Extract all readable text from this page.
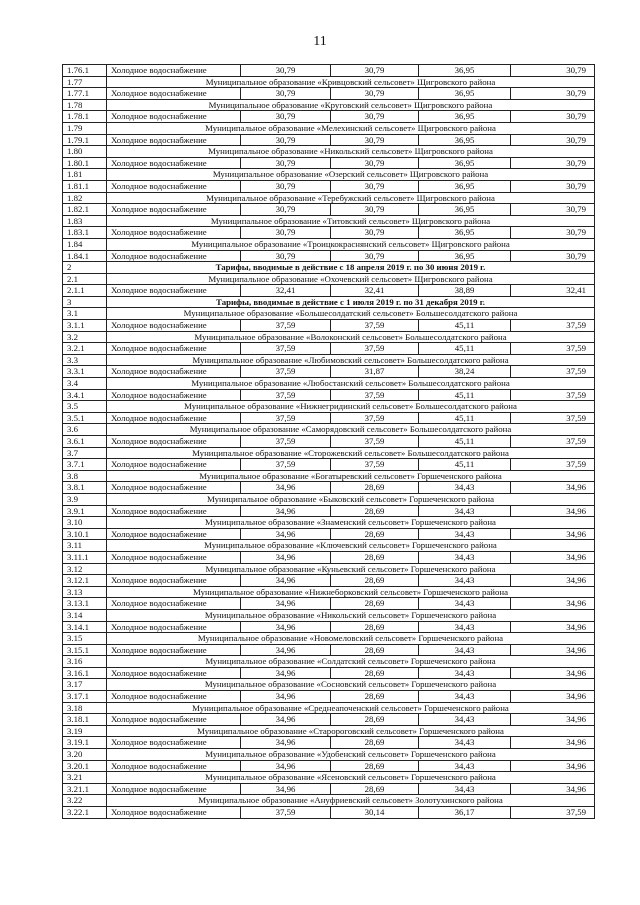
11
1.76.1	Холодное водоснабжение	30,79	30,79	36,95	30,79
1.77	Муниципальное образование «Кривцовский сельсовет» Щигровского района				
1.77.1	Холодное водоснабжение	30,79	30,79	36,95	30,79
1.78	Муниципальное образование «Круговский сельсовет» Щигровского района				
1.78.1	Холодное водоснабжение	30,79	30,79	36,95	30,79
1.79	Муниципальное образование «Мелехинский сельсовет» Щигровского района				
1.79.1	Холодное водоснабжение	30,79	30,79	36,95	30,79
1.80	Муниципальное образование «Никольский сельсовет» Щигровского района				
1.80.1	Холодное водоснабжение	30,79	30,79	36,95	30,79
1.81	Муниципальное образование «Озерский сельсовет» Щигровского района				
1.81.1	Холодное водоснабжение	30,79	30,79	36,95	30,79
1.82	Муниципальное образование «Теребужский сельсовет» Щигровского района				
1.82.1	Холодное водоснабжение	30,79	30,79	36,95	30,79
1.83	Муниципальное образование «Титовский сельсовет» Щигровского района				
1.83.1	Холодное водоснабжение	30,79	30,79	36,95	30,79
1.84	Муниципальное образование «Троицкокраснянский сельсовет» Щигровского района				
1.84.1	Холодное водоснабжение	30,79	30,79	36,95	30,79
2	Тарифы, вводимые в действие с 18 апреля 2019 г. по 30 июня 2019 г.				
2.1	Муниципальное образование «Охочевский сельсовет» Щигровского района				
2.1.1	Холодное водоснабжение	32,41	32,41	38,89	32,41
3	Тарифы, вводимые в действие с 1 июля 2019 г. по 31 декабря 2019 г.				
3.1	Муниципальное образование «Большесолдатский сельсовет» Большесолдатского района				
3.1.1	Холодное водоснабжение	37,59	37,59	45,11	37,59
3.2	Муниципальное образование «Волоконский сельсовет» Большесолдатского района				
3.2.1	Холодное водоснабжение	37,59	37,59	45,11	37,59
3.3	Муниципальное образование «Любимовский сельсовет» Большесолдатского района				
3.3.1	Холодное водоснабжение	37,59	31,87	38,24	37,59
3.4	Муниципальное образование «Любостанский сельсовет» Большесолдатского района				
3.4.1	Холодное водоснабжение	37,59	37,59	45,11	37,59
3.5	Муниципальное образование «Нижнегридинский сельсовет» Большесолдатского района				
3.5.1	Холодное водоснабжение	37,59	37,59	45,11	37,59
3.6	Муниципальное образование «Саморядовский сельсовет» Большесолдатского района				
3.6.1	Холодное водоснабжение	37,59	37,59	45,11	37,59
3.7	Муниципальное образование «Сторожевский сельсовет» Большесолдатского района				
3.7.1	Холодное водоснабжение	37,59	37,59	45,11	37,59
3.8	Муниципальное образование «Богатыревский сельсовет» Горшеченского района				
3.8.1	Холодное водоснабжение	34,96	28,69	34,43	34,96
3.9	Муниципальное образование «Быковский сельсовет» Горшеченского района				
3.9.1	Холодное водоснабжение	34,96	28,69	34,43	34,96
3.10	Муниципальное образование «Знаменский сельсовет» Горшеченского района				
3.10.1	Холодное водоснабжение	34,96	28,69	34,43	34,96
3.11	Муниципальное образование «Ключевский сельсовет» Горшеченского района				
3.11.1	Холодное водоснабжение	34,96	28,69	34,43	34,96
3.12	Муниципальное образование «Куньевский сельсовет» Горшеченского района				
3.12.1	Холодное водоснабжение	34,96	28,69	34,43	34,96
3.13	Муниципальное образование «Нижнеборковский сельсовет» Горшеченского района				
3.13.1	Холодное водоснабжение	34,96	28,69	34,43	34,96
3.14	Муниципальное образование «Никольский сельсовет» Горшеченского района				
3.14.1	Холодное водоснабжение	34,96	28,69	34,43	34,96
3.15	Муниципальное образование «Новомеловский сельсовет» Горшеченского района				
3.15.1	Холодное водоснабжение	34,96	28,69	34,43	34,96
3.16	Муниципальное образование «Солдатский сельсовет» Горшеченского района				
3.16.1	Холодное водоснабжение	34,96	28,69	34,43	34,96
3.17	Муниципальное образование «Сосновский сельсовет» Горшеченского района				
3.17.1	Холодное водоснабжение	34,96	28,69	34,43	34,96
3.18	Муниципальное образование «Среднеапоченский сельсовет» Горшеченского района				
3.18.1	Холодное водоснабжение	34,96	28,69	34,43	34,96
3.19	Муниципальное образование «Старороговский сельсовет» Горшеченского района				
3.19.1	Холодное водоснабжение	34,96	28,69	34,43	34,96
3.20	Муниципальное образование «Удобенский сельсовет» Горшеченского района				
3.20.1	Холодное водоснабжение	34,96	28,69	34,43	34,96
3.21	Муниципальное образование «Ясеновский сельсовет» Горшеченского района				
3.21.1	Холодное водоснабжение	34,96	28,69	34,43	34,96
3.22	Муниципальное образование «Ануфриевский сельсовет» Золотухинского района				
3.22.1	Холодное водоснабжение	37,59	30,14	36,17	37,59
